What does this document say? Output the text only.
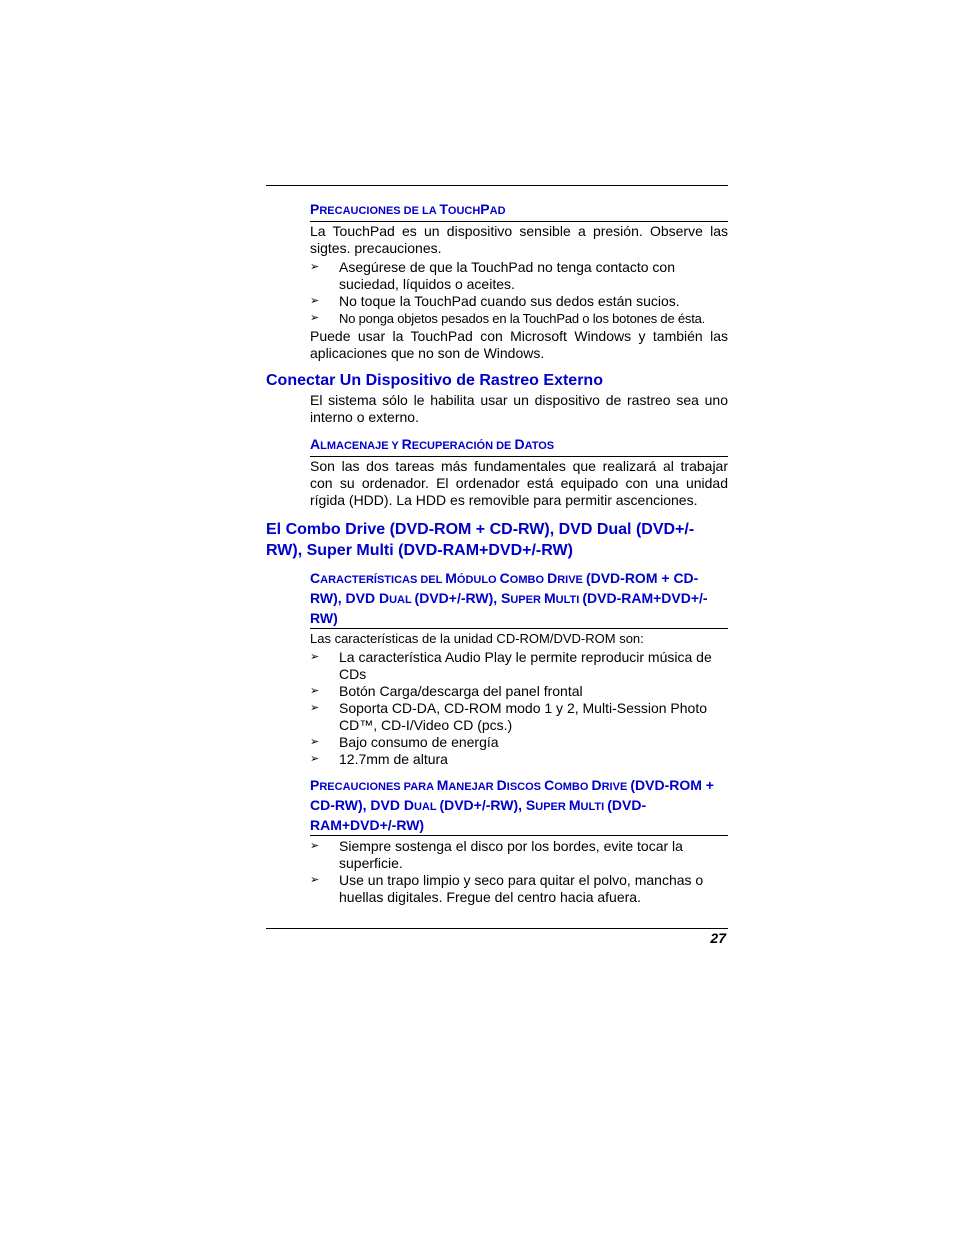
PRECAUCIONES DE LA TOUCHPAD

La TouchPad es un dispositivo sensible a presión. Observe las sigtes. precauciones.

➢ Asegúrese de que la TouchPad no tenga contacto con suciedad, líquidos o aceites.
➢ No toque la TouchPad cuando sus dedos están sucios.
➢ No ponga objetos pesados en la TouchPad o los botones de ésta.

Puede usar la TouchPad con Microsoft Windows y también las aplicaciones que no son de Windows.

Conectar Un Dispositivo de Rastreo Externo

El sistema sólo le habilita usar un dispositivo de rastreo sea uno interno o externo.

ALMACENAJE Y RECUPERACIÓN DE DATOS

Son las dos tareas más fundamentales que realizará al trabajar con su ordenador. El ordenador está equipado con una unidad rígida (HDD). La HDD es removible para permitir ascenciones.

El Combo Drive (DVD-ROM + CD-RW), DVD Dual (DVD+/-RW), Super Multi (DVD-RAM+DVD+/-RW)
CARACTERÍSTICAS DEL MÓDULO COMBO DRIVE (DVD-ROM + CD-RW), DVD DUAL (DVD+/-RW), SUPER MULTI (DVD-RAM+DVD+/-RW)

Las características de la unidad CD-ROM/DVD-ROM son:

➢ La característica Audio Play le permite reproducir música de CDs
➢ Botón Carga/descarga del panel frontal
➢ Soporta CD-DA, CD-ROM modo 1 y 2, Multi-Session Photo CD™, CD-I/Video CD (pcs.)
➢ Bajo consumo de energía
➢ 12.7mm de altura
PRECAUCIONES PARA MANEJAR DISCOS COMBO DRIVE (DVD-ROM + CD-RW), DVD DUAL (DVD+/-RW), SUPER MULTI (DVD-RAM+DVD+/-RW)
➢ Siempre sostenga el disco por los bordes, evite tocar la superficie.
➢ Use un trapo limpio y seco para quitar el polvo, manchas o huellas digitales. Fregue del centro hacia afuera.
27
